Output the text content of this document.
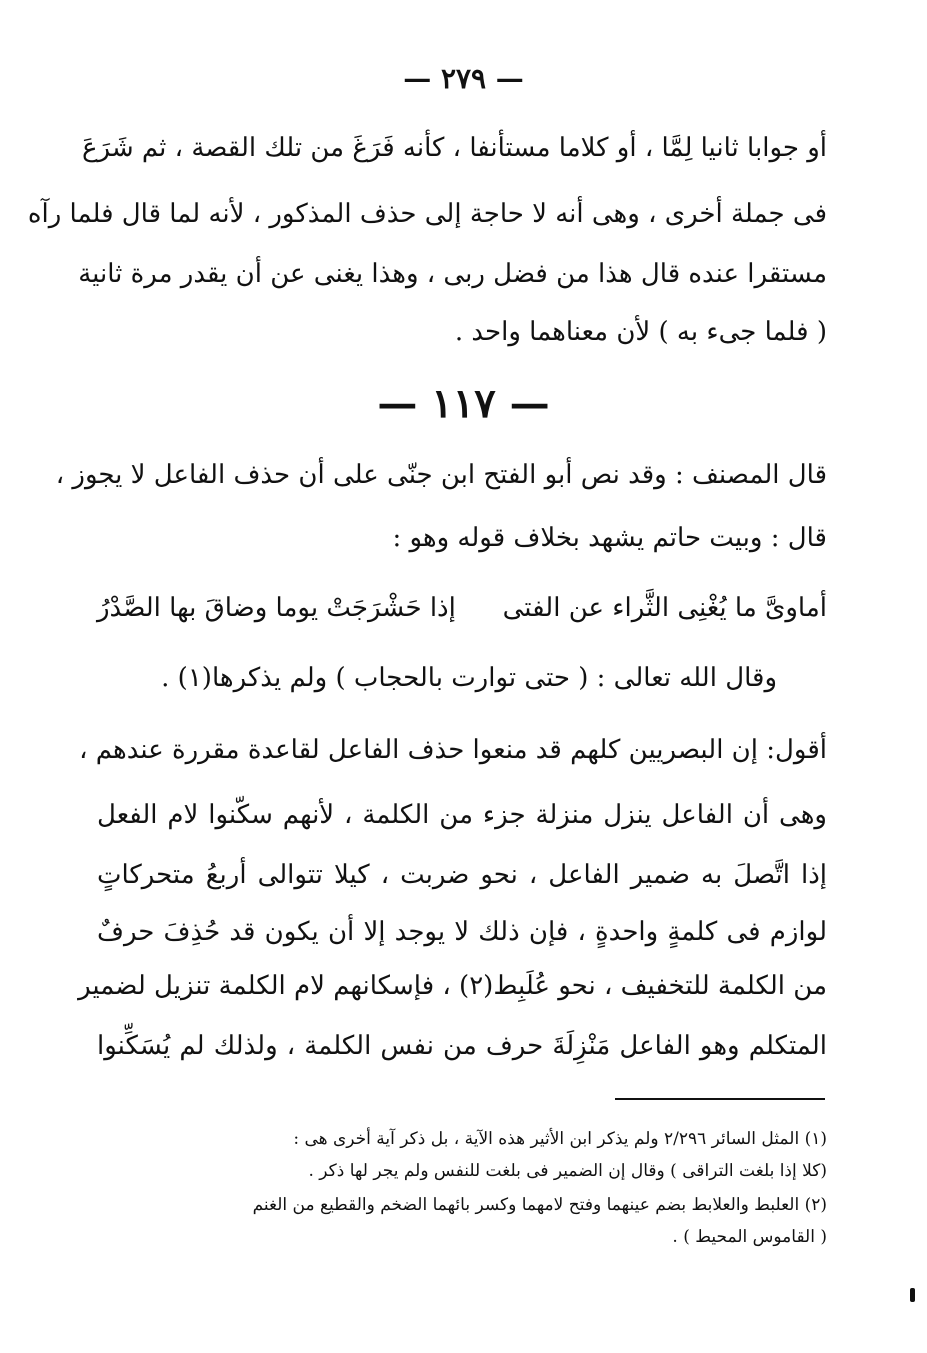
— ٢٧٩ —
أو جوابا ثانيا لِمَّا ، أو كلاما مستأنفا ، كأنه فَرَغَ من تلك القصة ، ثم شَرَعَ
فى جملة أخرى ، وهى أنه لا حاجة إلى حذف المذكور ، لأنه لما قال فلما رآه
مستقرا عنده قال هذا من فضل ربى ، وهذا يغنى عن أن يقدر مرة ثانية
( فلما جىء به ) لأن معناهما واحد .
— ١١٧ —
قال المصنف : وقد نص أبو الفتح ابن جنّى على أن حذف الفاعل لا يجوز ،
قال : وبيت حاتم يشهد بخلاف قوله وهو :
أماوىَّ ما يُغْنِى الثَّراء عن الفتى
إذا حَشْرَجَتْ يوما وضاقَ بها الصَّدْرُ
وقال الله تعالى : ( حتى توارت بالحجاب ) ولم يذكرها(١) .
أقول: إن البصريين كلهم قد منعوا حذف الفاعل لقاعدة مقررة عندهم ،
وهى أن الفاعل ينزل منزلة جزء من الكلمة ، لأنهم سكّنوا لام الفعل
إذا اتَّصلَ به ضمير الفاعل ، نحو ضربت ، كيلا تتوالى أربعُ متحركاتٍ
لوازم فى كلمةٍ واحدةٍ ، فإن ذلك لا يوجد إلا أن يكون قد حُذِفَ حرفٌ
من الكلمة للتخفيف ، نحو عُلَبِط(٢) ، فإسكانهم لام الكلمة تنزيل لضمير
المتكلم وهو الفاعل مَنْزِلَةَ حرف من نفس الكلمة ، ولذلك لم يُسَكِّنوا
(١) المثل السائر ٢/٢٩٦ ولم يذكر ابن الأثير هذه الآية ، بل ذكر آية أخرى هى :
(كلا إذا بلغت التراقى ) وقال إن الضمير فى بلغت للنفس ولم يجر لها ذكر .
(٢) العلبط والعلابط بضم عينهما وفتح لامهما وكسر بائهما الضخم والقطيع من الغنم
( القاموس المحيط ) .
